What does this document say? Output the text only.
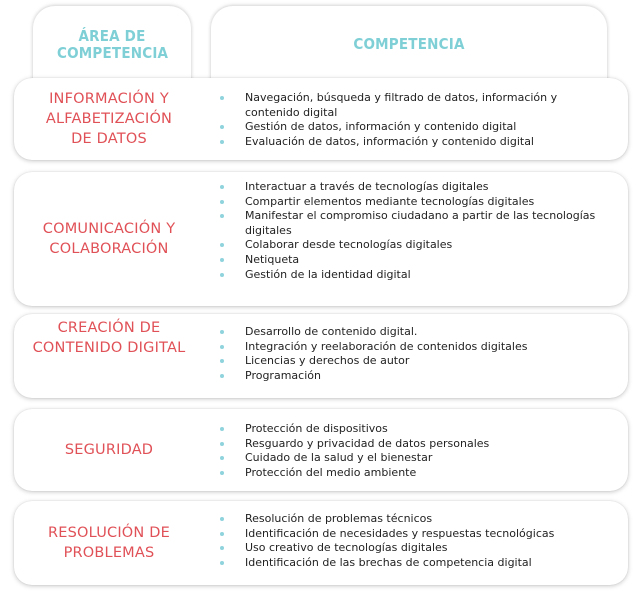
ÁREA DE COMPETENCIA	COMPETENCIA
INFORMACIÓN Y ALFABETIZACIÓN DE DATOS
Navegación, búsqueda y filtrado de datos, información y contenido digital
Gestión de datos, información y contenido digital
Evaluación de datos, información y contenido digital
COMUNICACIÓN Y COLABORACIÓN
Interactuar a través de tecnologías digitales
Compartir elementos mediante tecnologías digitales
Manifestar el compromiso ciudadano a partir de las tecnologías digitales
Colaborar desde tecnologías digitales
Netiqueta
Gestión de la identidad digital
CREACIÓN DE CONTENIDO DIGITAL
Desarrollo de contenido digital.
Integración y reelaboración de contenidos digitales
Licencias y derechos de autor
Programación
SEGURIDAD
Protección de dispositivos
Resguardo y privacidad de datos personales
Cuidado de la salud y el bienestar
Protección del medio ambiente
RESOLUCIÓN DE PROBLEMAS
Resolución de problemas técnicos
Identificación de necesidades y respuestas tecnológicas
Uso creativo de tecnologías digitales
Identificación de las brechas de competencia digital
